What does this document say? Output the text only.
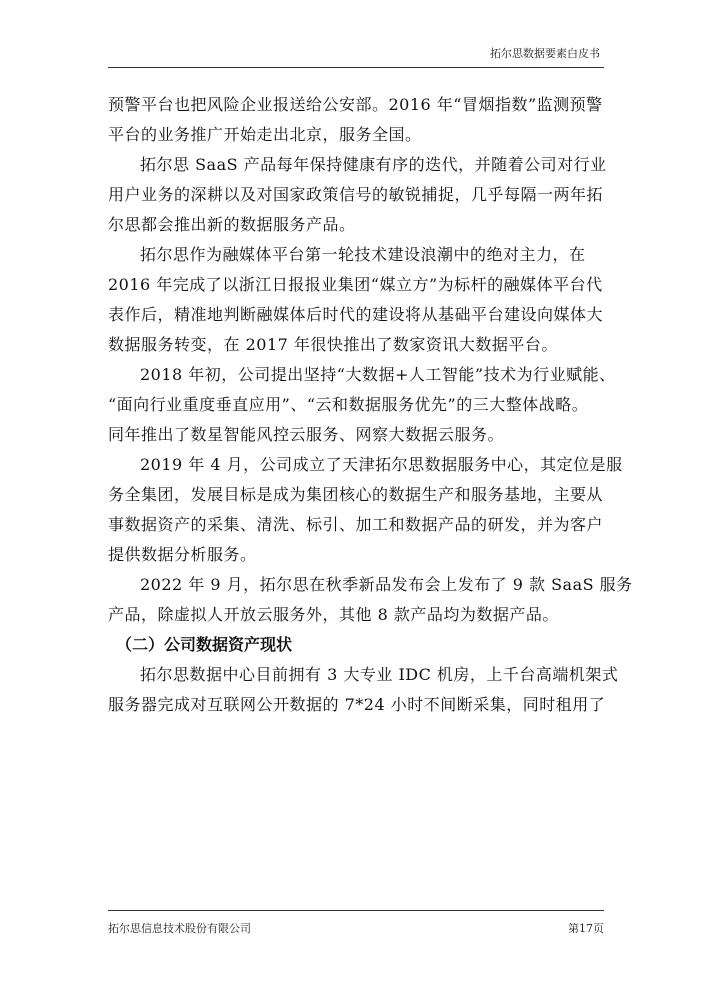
拓尔思数据要素白皮书
预警平台也把风险企业报送给公安部。2016 年“冒烟指数”监测预警
平台的业务推广开始走出北京，服务全国。
拓尔思 SaaS 产品每年保持健康有序的迭代，并随着公司对行业
用户业务的深耕以及对国家政策信号的敏锐捕捉，几乎每隔一两年拓
尔思都会推出新的数据服务产品。
拓尔思作为融媒体平台第一轮技术建设浪潮中的绝对主力，在
2016 年完成了以浙江日报报业集团“媒立方”为标杆的融媒体平台代
表作后，精准地判断融媒体后时代的建设将从基础平台建设向媒体大
数据服务转变，在 2017 年很快推出了数家资讯大数据平台。
2018 年初，公司提出坚持“大数据+人工智能”技术为行业赋能、
“面向行业重度垂直应用”、“云和数据服务优先”的三大整体战略。
同年推出了数星智能风控云服务、网察大数据云服务。
2019 年 4 月，公司成立了天津拓尔思数据服务中心，其定位是服
务全集团，发展目标是成为集团核心的数据生产和服务基地，主要从
事数据资产的采集、清洗、标引、加工和数据产品的研发，并为客户
提供数据分析服务。
2022 年 9 月，拓尔思在秋季新品发布会上发布了 9 款 SaaS 服务
产品，除虚拟人开放云服务外，其他 8 款产品均为数据产品。
（二）公司数据资产现状
拓尔思数据中心目前拥有 3 大专业 IDC 机房，上千台高端机架式
服务器完成对互联网公开数据的 7*24 小时不间断采集，同时租用了
拓尔思信息技术股份有限公司	第17页
